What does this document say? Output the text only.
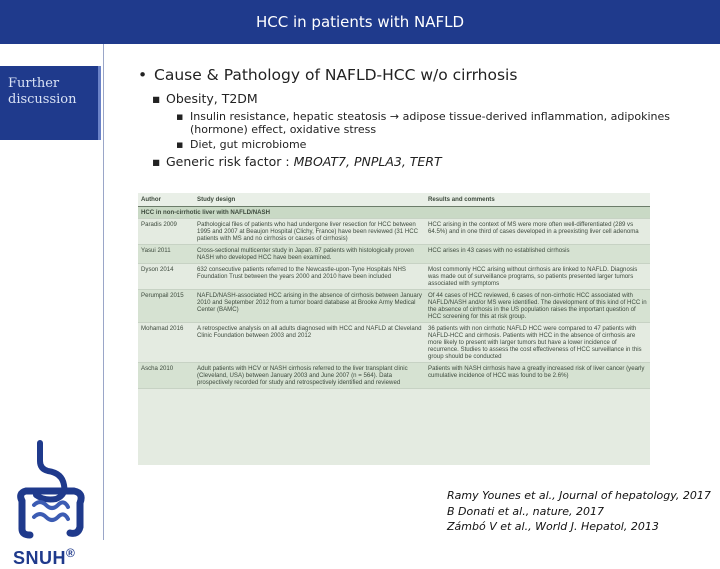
HCC in patients with NAFLD
Further discussion
SNUH®
• Cause & Pathology of NAFLD-HCC w/o cirrhosis
▪ Obesity, T2DM
▪ Insulin resistance, hepatic steatosis → adipose tissue-derived inflammation, adipokines (hormone) effect, oxidative stress
▪ Diet, gut microbiome
▪ Generic risk factor : MBOAT7, PNPLA3, TERT
Author	Study design	Results and comments
HCC in non-cirrhotic liver with NAFLD/NASH		
Paradis 2009	Pathological files of patients who had undergone liver resection for HCC between 1995 and 2007 at Beaujon Hospital (Clichy, France) have been reviewed (31 HCC patients with MS and no cirrhosis or causes of cirrhosis)	HCC arising in the context of MS were more often well-differentiated (289 vs 64.5%) and in one third of cases developed in a preexisting liver cell adenoma
Yasui 2011	Cross-sectional multicenter study in Japan. 87 patients with histologically proven NASH who developed HCC have been examined.	HCC arises in 43 cases with no established cirrhosis
Dyson 2014	632 consecutive patients referred to the Newcastle-upon-Tyne Hospitals NHS Foundation Trust between the years 2000 and 2010 have been included	Most commonly HCC arising without cirrhosis are linked to NAFLD. Diagnosis was made out of surveillance programs, so patients presented larger tumors associated with symptoms
Perumpail 2015	NAFLD/NASH-associated HCC arising in the absence of cirrhosis between January 2010 and September 2012 from a tumor board database at Brooke Army Medical Center (BAMC)	Of 44 cases of HCC reviewed, 6 cases of non-cirrhotic HCC associated with NAFLD/NASH and/or MS were identified. The development of this kind of HCC in the absence of cirrhosis in the US population raises the important question of HCC screening for this at risk group.
Mohamad 2016	A retrospective analysis on all adults diagnosed with HCC and NAFLD at Cleveland Clinic Foundation between 2003 and 2012	36 patients with non cirrhotic NAFLD HCC were compared to 47 patients with NAFLD-HCC and cirrhosis. Patients with HCC in the absence of cirrhosis are more likely to present with larger tumors but have a lower incidence of recurrence. Studies to assess the cost effectiveness of HCC surveillance in this group should be conducted
Ascha 2010	Adult patients with HCV or NASH cirrhosis referred to the liver transplant clinic (Cleveland, USA) between January 2003 and June 2007 (n = 564). Data prospectively recorded for study and retrospectively identified and reviewed	Patients with NASH cirrhosis have a greatly increased risk of liver cancer (yearly cumulative incidence of HCC was found to be 2.6%)
Ramy Younes et al., Journal of hepatology, 2017
B Donati et al., nature, 2017
Zámbó V et al., World J. Hepatol, 2013
